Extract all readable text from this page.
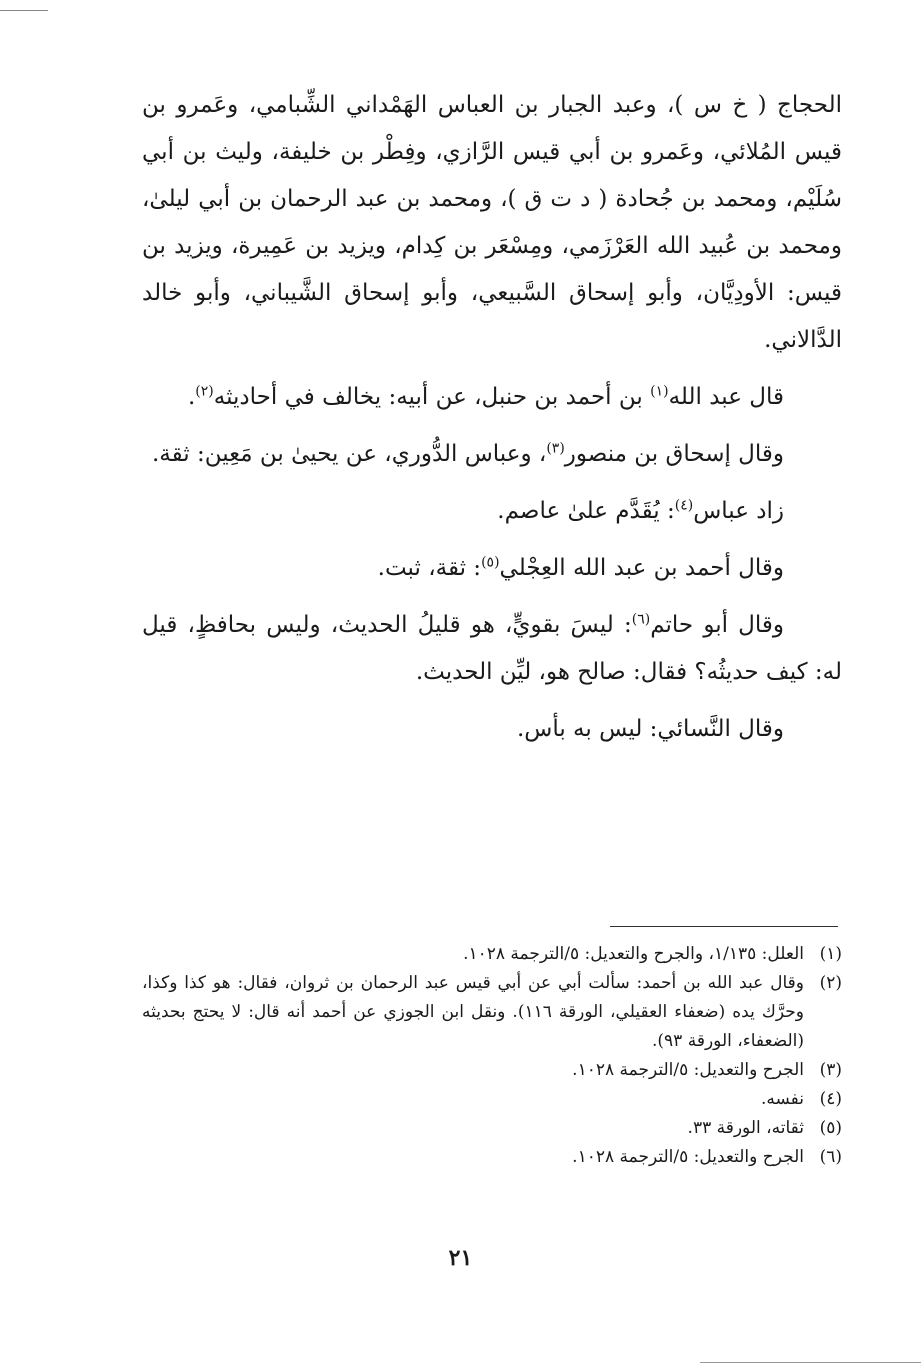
الحجاج ( خ س )، وعبد الجبار بن العباس الهَمْداني الشِّبامي، وعَمرو بن قيس المُلائي، وعَمرو بن أبي قيس الرَّازي، وفِطْر بن خليفة، وليث بن أبي سُلَيْم، ومحمد بن جُحادة ( د ت ق )، ومحمد بن عبد الرحمان بن أبي ليلىٰ، ومحمد بن عُبيد الله العَرْزَمي، ومِسْعَر بن كِدام، ويزيد بن عَمِيرة، ويزيد بن قيس: الأودِيَّان، وأبو إسحاق السَّبيعي، وأبو إسحاق الشَّيباني، وأبو خالد الدَّالاني.

قال عبد الله$^{(١)}$ بن أحمد بن حنبل، عن أبيه: يخالف في أحاديثه$^{(٢)}$.

وقال إسحاق بن منصور$^{(٣)}$، وعباس الدُّوري، عن يحيىٰ بن مَعِين: ثقة.

زاد عباس$^{(٤)}$: يُقَدَّم علىٰ عاصم.

وقال أحمد بن عبد الله العِجْلي$^{(٥)}$: ثقة، ثبت.

وقال أبو حاتم$^{(٦)}$: ليسَ بقويٍّ، هو قليلُ الحديث، وليس بحافظٍ، قيل له: كيف حديثُه؟ فقال: صالح هو، ليِّن الحديث.

وقال النَّسائي: ليس به بأس.

(١)
العلل: ١/١٣٥، والجرح والتعديل: ٥/الترجمة ١٠٢٨.
(٢)
وقال عبد الله بن أحمد: سألت أبي عن أبي قيس عبد الرحمان بن ثروان، فقال: هو كذا وكذا، وحرَّك يده (ضعفاء العقيلي، الورقة ١١٦). ونقل ابن الجوزي عن أحمد أنه قال: لا يحتج بحديثه (الضعفاء، الورقة ٩٣).
(٣)
الجرح والتعديل: ٥/الترجمة ١٠٢٨.
(٤)
نفسه.
(٥)
ثقاته، الورقة ٣٣.
(٦)
الجرح والتعديل: ٥/الترجمة ١٠٢٨.
٢١
